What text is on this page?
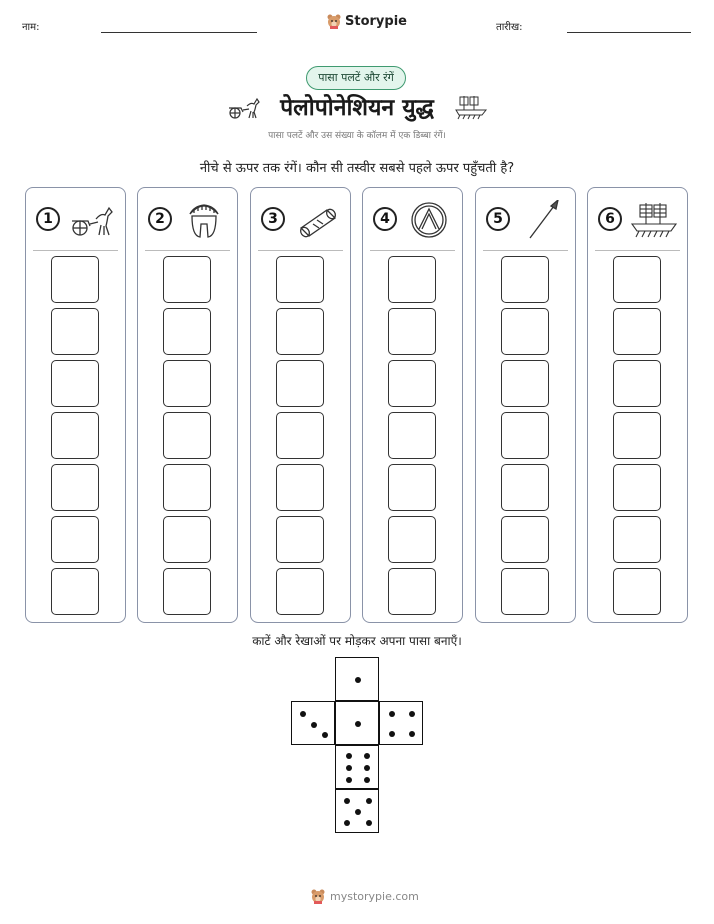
नाम:	Storypie	तारीख:
पासा पलटें और रंगें
पेलोपोनेशियन युद्ध
पासा पलटें और उस संख्या के कॉलम में एक डिब्बा रंगें।
नीचे से ऊपर तक रंगें। कौन सी तस्वीर सबसे पहले ऊपर पहुँचती है?
1	2	3	4	5	6
काटें और रेखाओं पर मोड़कर अपना पासा बनाएँ।
mystorypie.com
